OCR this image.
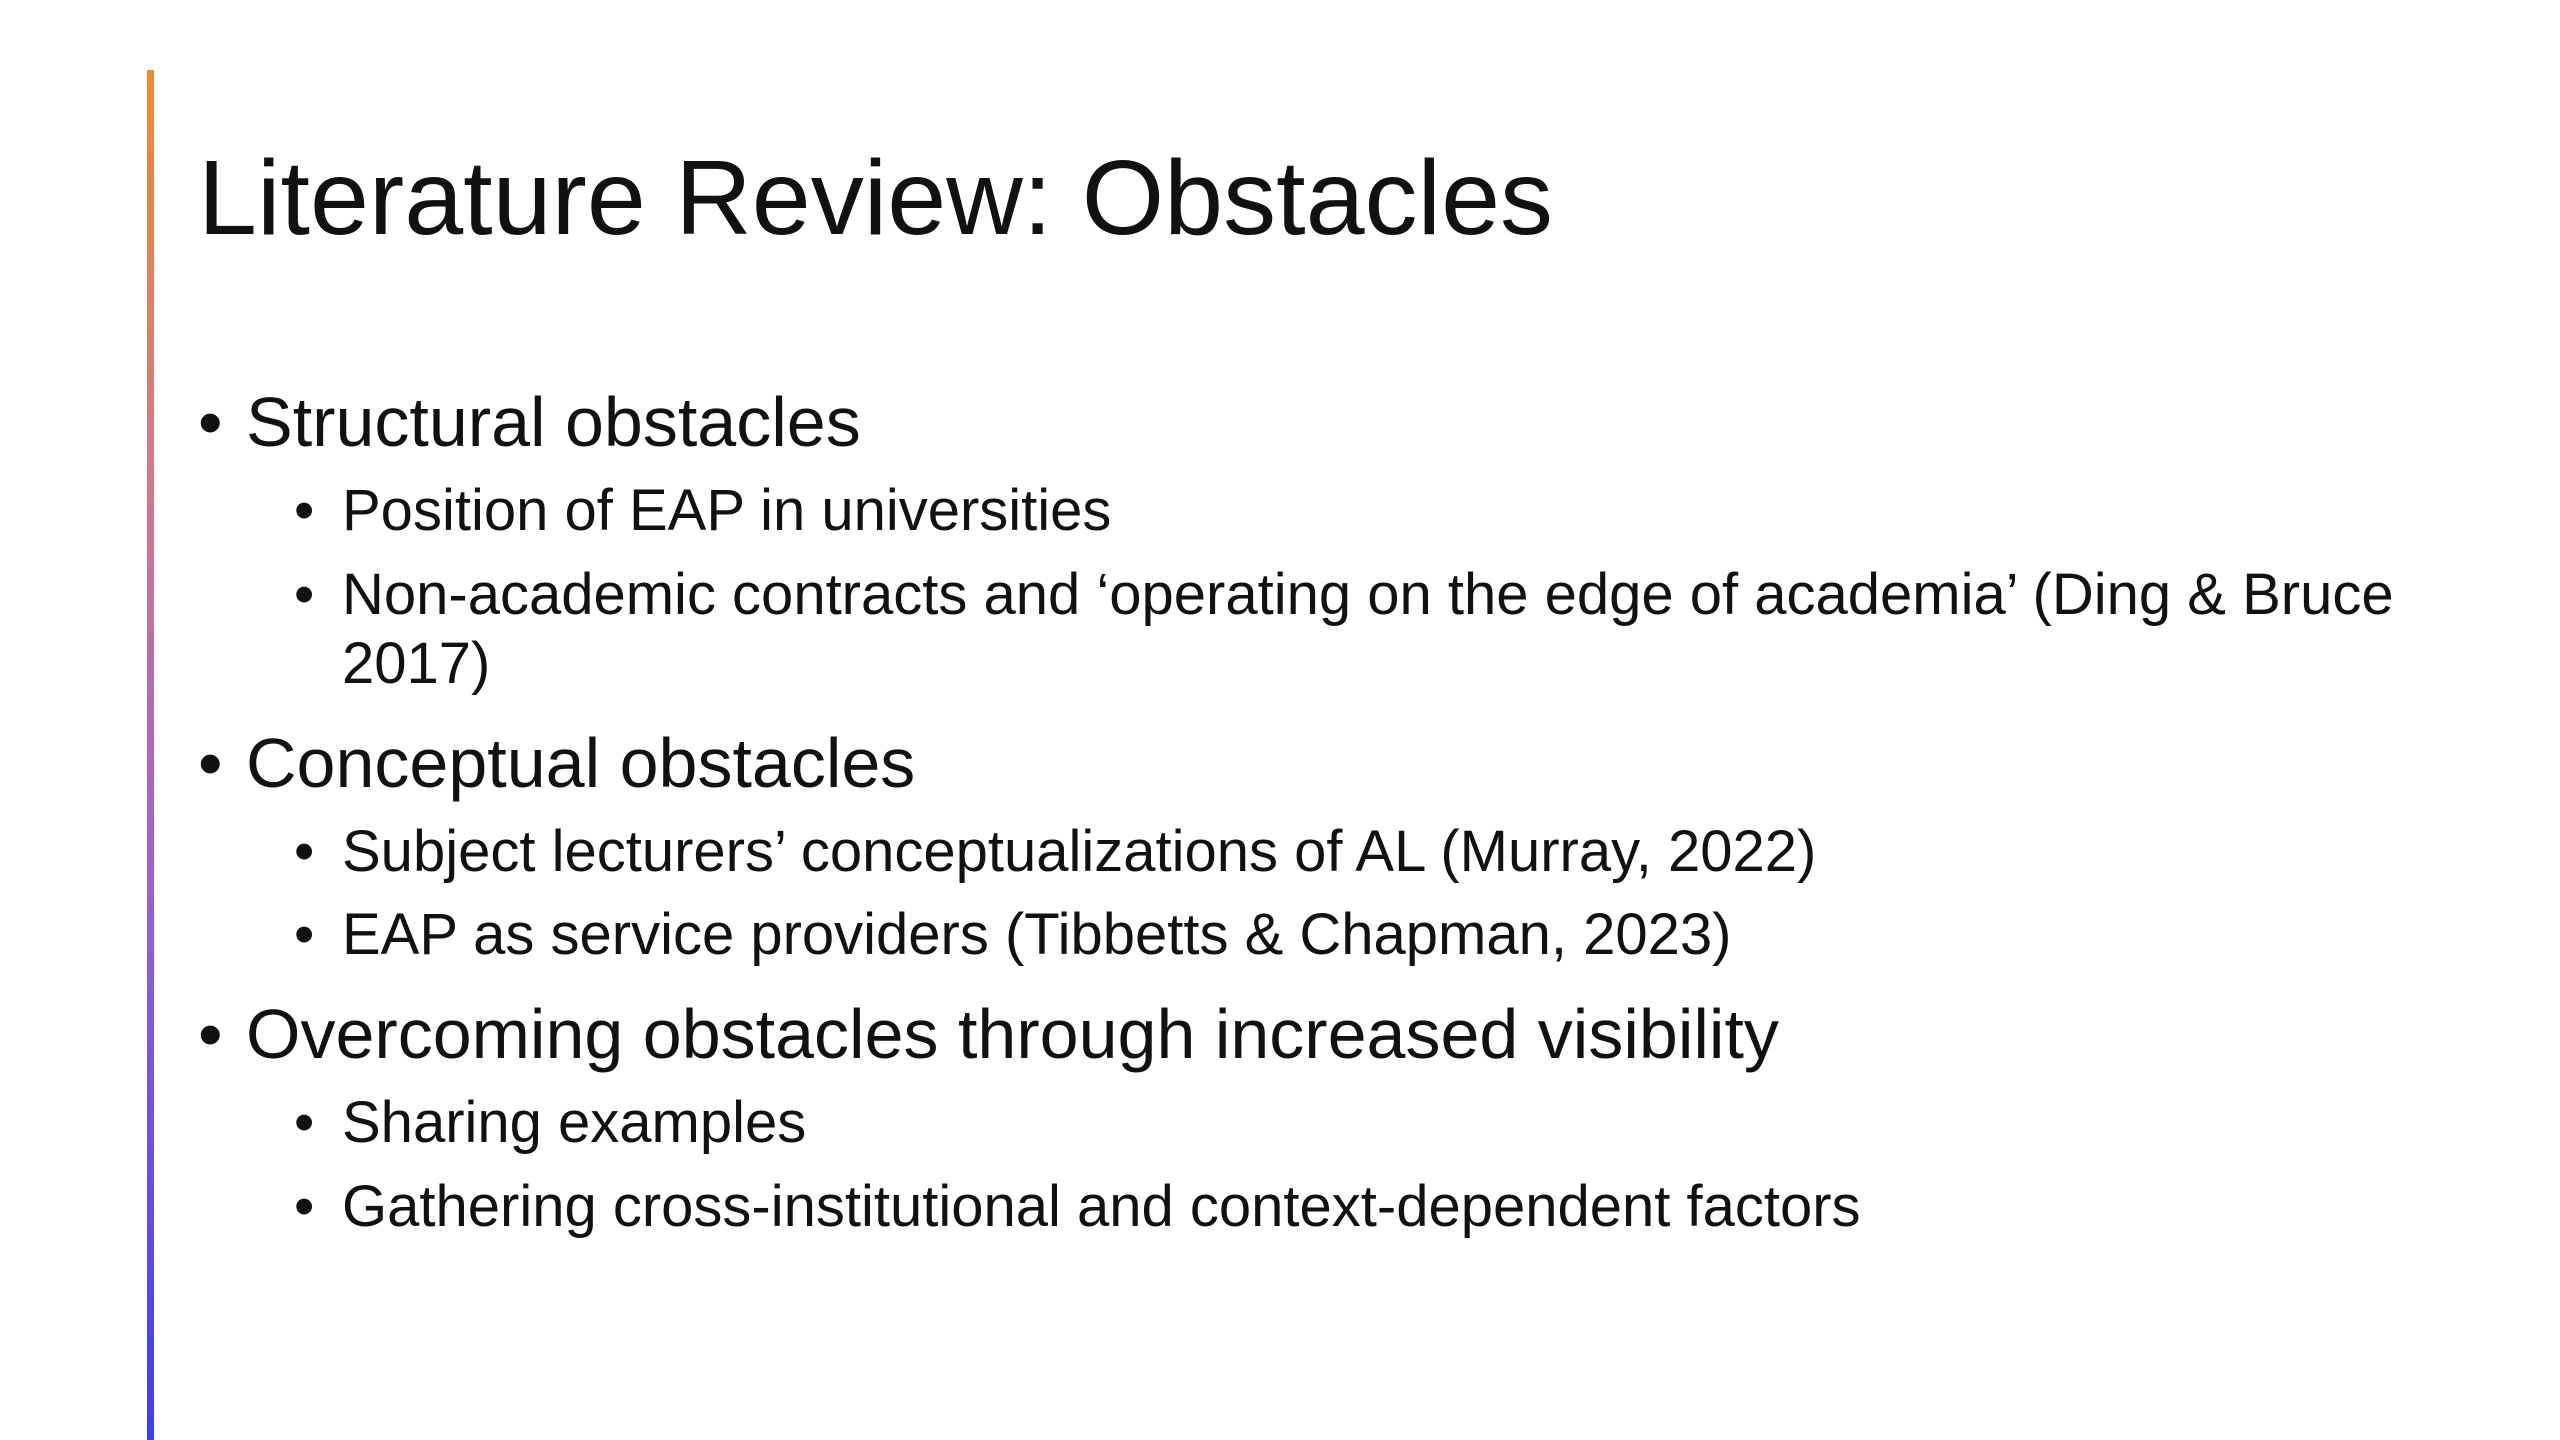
Literature Review: Obstacles

• Structural obstacles

• Position of EAP in universities

• Non-academic contracts and ‘operating on the edge of academia’ (Ding & Bruce 2017)

• Conceptual obstacles

• Subject lecturers’ conceptualizations of AL (Murray, 2022)

• EAP as service providers (Tibbetts & Chapman, 2023)

• Overcoming obstacles through increased visibility

• Sharing examples

• Gathering cross-institutional and context-dependent factors
